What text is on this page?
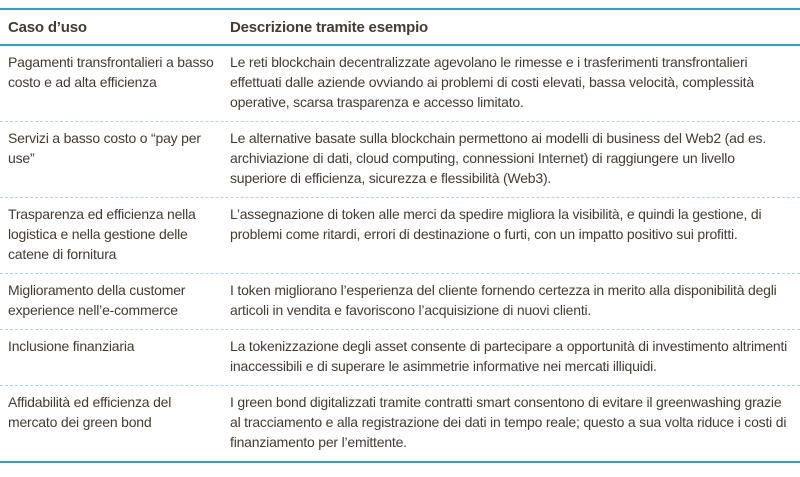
Caso d’uso	Descrizione tramite esempio
Pagamenti transfrontalieri a basso costo e ad alta efficienza
Le reti blockchain decentralizzate agevolano le rimesse e i trasferimenti transfrontalieri effettuati dalle aziende ovviando ai problemi di costi elevati, bassa velocità, complessità operative, scarsa trasparenza e accesso limitato.
Servizi a basso costo o “pay per use”
Le alternative basate sulla blockchain permettono ai modelli di business del Web2 (ad es. archiviazione di dati, cloud computing, connessioni Internet) di raggiungere un livello superiore di efficienza, sicurezza e flessibilità (Web3).
Trasparenza ed efficienza nella logistica e nella gestione delle catene di fornitura
L’assegnazione di token alle merci da spedire migliora la visibilità, e quindi la gestione, di problemi come ritardi, errori di destinazione o furti, con un impatto positivo sui profitti.
Miglioramento della customer experience nell’e-commerce
I token migliorano l’esperienza del cliente fornendo certezza in merito alla disponibilità degli articoli in vendita e favoriscono l’acquisizione di nuovi clienti.
Inclusione finanziaria	La tokenizzazione degli asset consente di partecipare a opportunità di investimento altrimenti inaccessibili e di superare le asimmetrie informative nei mercati illiquidi.
Affidabilità ed efficienza del mercato dei green bond
I green bond digitalizzati tramite contratti smart consentono di evitare il greenwashing grazie al tracciamento e alla registrazione dei dati in tempo reale; questo a sua volta riduce i costi di finanziamento per l’emittente.
